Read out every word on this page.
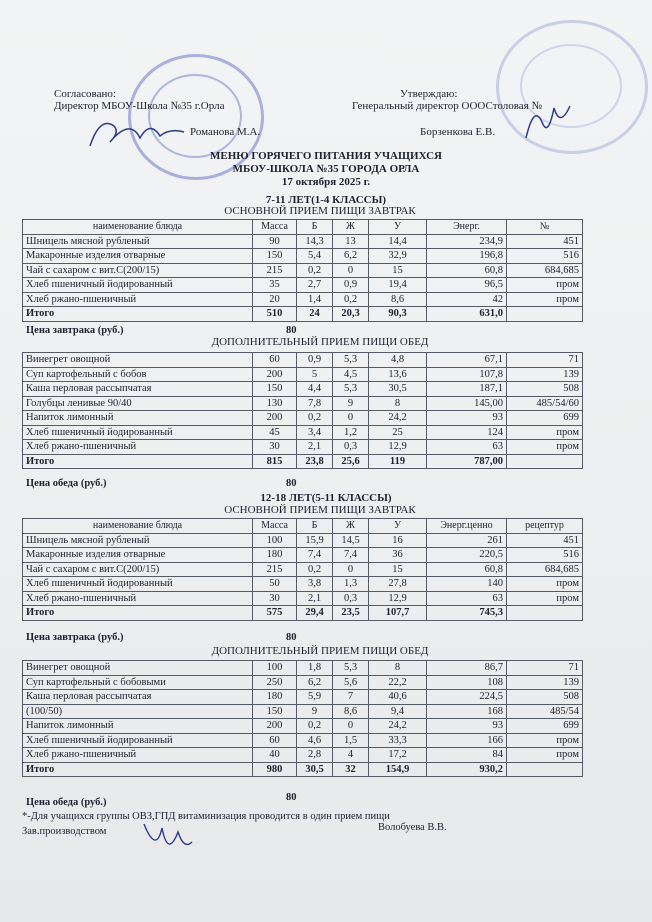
Согласовано:
Директор МБОУ-Школа №35 г.Орла
Романова М.А.
Утверждаю:
Генеральный директор ОООСтоловая №
Борзенкова Е.В.
МЕНЮ ГОРЯЧЕГО ПИТАНИЯ УЧАЩИХСЯ
МБОУ-ШКОЛА №35 ГОРОДА ОРЛА
17 октября 2025 г.
7-11 ЛЕТ(1-4 КЛАССЫ)
ОСНОВНОЙ ПРИЕМ ПИЩИ ЗАВТРАК
наименование блюда	Масса	Б	Ж	У	Энерг.	№
Шницель мясной рубленый	90	14,3	13	14,4	234,9	451
Макаронные изделия отварные	150	5,4	6,2	32,9	196,8	516
Чай с сахаром с вит.С(200/15)	215	0,2	0	15	60,8	684,685
Хлеб пшеничный йодированный	35	2,7	0,9	19,4	96,5	пром
Хлеб ржано-пшеничный	20	1,4	0,2	8,6	42	пром
Итого	510	24	20,3	90,3	631,0	
Цена завтрака (руб.)	80
ДОПОЛНИТЕЛЬНЫЙ ПРИЕМ ПИЩИ ОБЕД
Винегрет овощной	60	0,9	5,3	4,8	67,1	71
Суп картофельный с бобов	200	5	4,5	13,6	107,8	139
Каша перловая рассыпчатая	150	4,4	5,3	30,5	187,1	508
Голубцы ленивые 90/40	130	7,8	9	8	145,00	485/54/60
Напиток лимонный	200	0,2	0	24,2	93	699
Хлеб пшеничный йодированный	45	3,4	1,2	25	124	пром
Хлеб ржано-пшеничный	30	2,1	0,3	12,9	63	пром
Итого	815	23,8	25,6	119	787,00	
Цена обеда (руб.)	80
12-18 ЛЕТ(5-11 КЛАССЫ)
ОСНОВНОЙ ПРИЕМ ПИЩИ ЗАВТРАК
наименование блюда	Масса	Б	Ж	У	Энерг.ценно	рецептур
Шницель мясной рубленый	100	15,9	14,5	16	261	451
Макаронные изделия отварные	180	7,4	7,4	36	220,5	516
Чай с сахаром с вит.С(200/15)	215	0,2	0	15	60,8	684,685
Хлеб пшеничный йодированный	50	3,8	1,3	27,8	140	пром
Хлеб ржано-пшеничный	30	2,1	0,3	12,9	63	пром
Итого	575	29,4	23,5	107,7	745,3	
Цена завтрака (руб.)	80
ДОПОЛНИТЕЛЬНЫЙ ПРИЕМ ПИЩИ ОБЕД
Винегрет овощной	100	1,8	5,3	8	86,7	71
Суп картофельный с бобовыми	250	6,2	5,6	22,2	108	139
Каша перловая рассыпчатая	180	5,9	7	40,6	224,5	508
(100/50)	150	9	8,6	9,4	168	485/54
Напиток лимонный	200	0,2	0	24,2	93	699
Хлеб пшеничный йодированный	60	4,6	1,5	33,3	166	пром
Хлеб ржано-пшеничный	40	2,8	4	17,2	84	пром
Итого	980	30,5	32	154,9	930,2	
Цена обеда (руб.)	80
*-Для учащихся группы ОВЗ,ГПД витаминизация проводится в один прием пищи
Зав.производством	Волобуева В.В.
